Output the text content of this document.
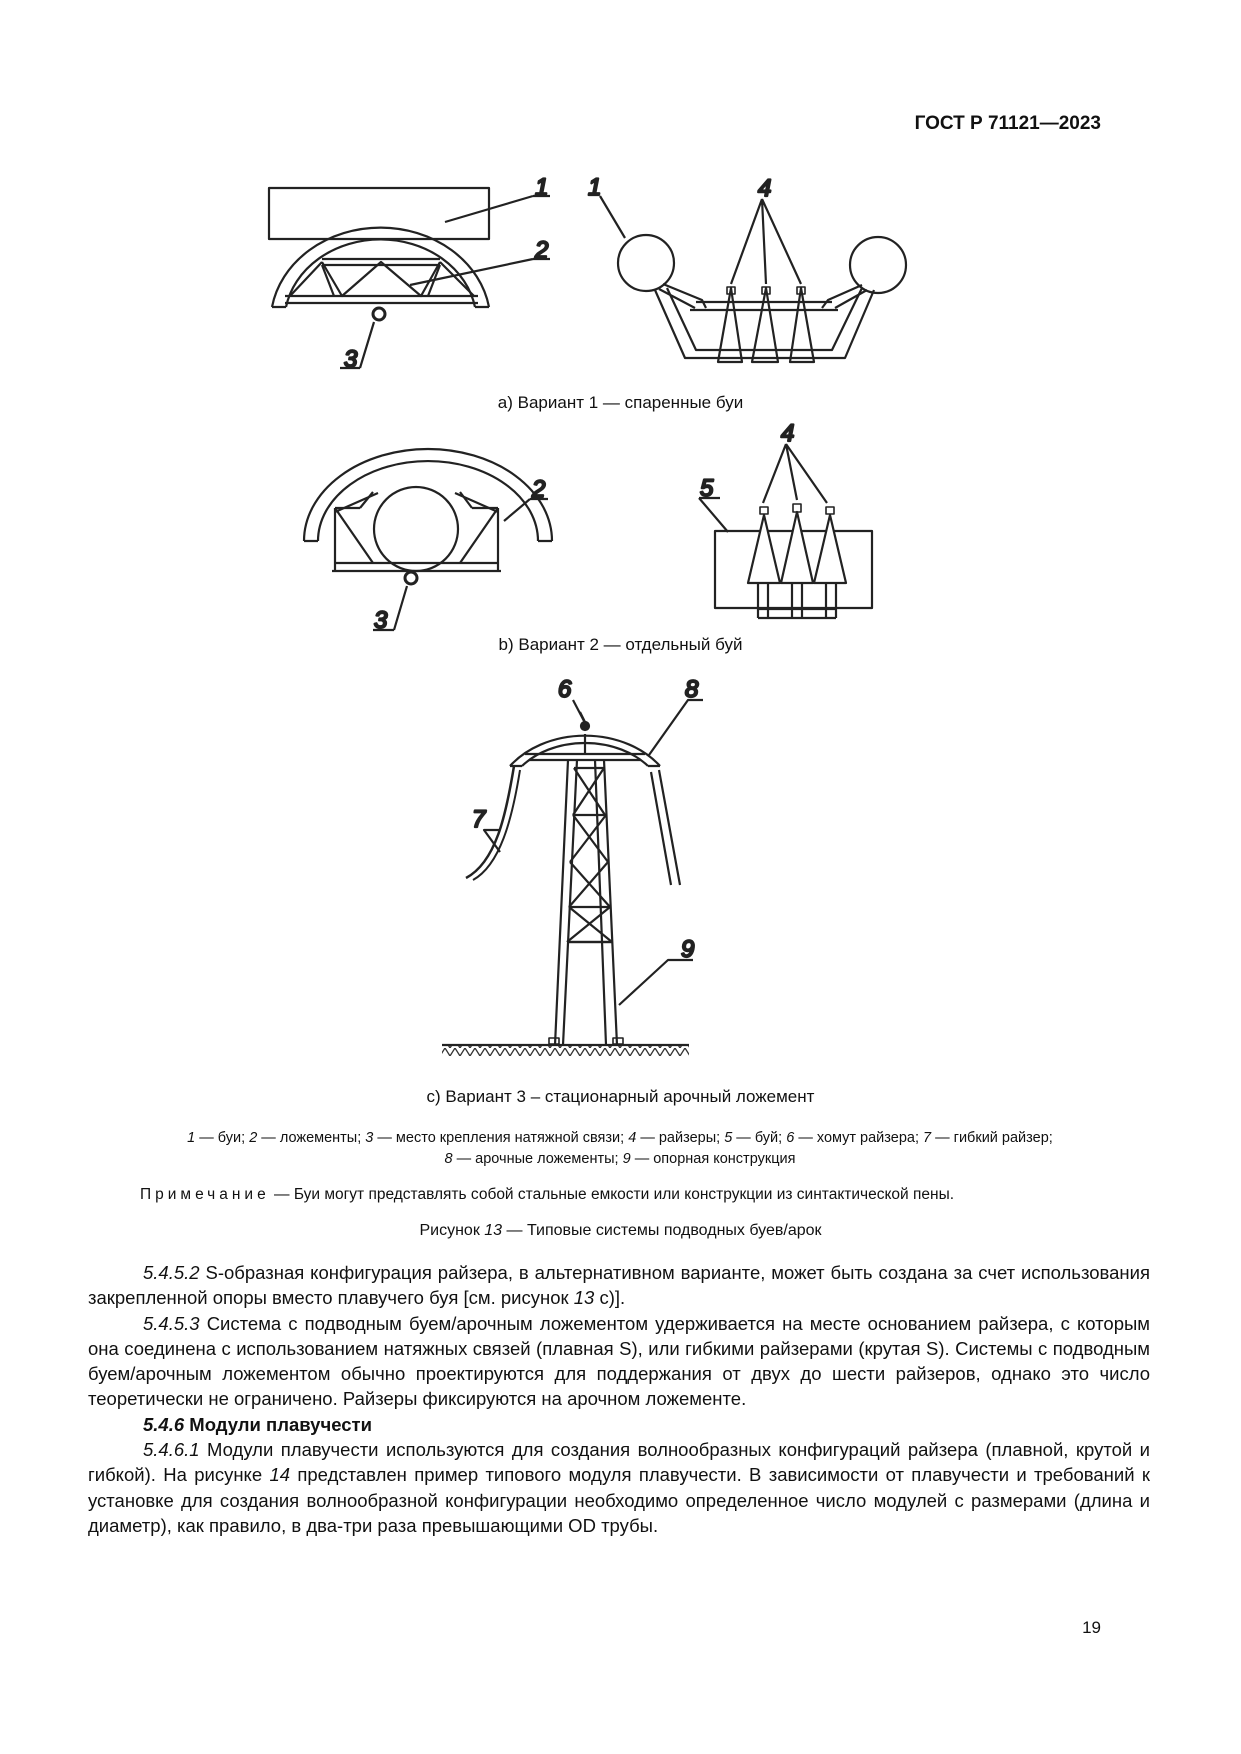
ГОСТ Р 71121—2023
1
2
3
1	4
2
3
4
5
6	8
7
9
a) Вариант 1 — спаренные буи
b) Вариант 2 — отдельный буй
c) Вариант 3 – стационарный арочный ложемент
1 — буи; 2 — ложементы; 3 — место крепления натяжной связи; 4 — райзеры; 5 — буй; 6 — хомут райзера; 7 — гибкий райзер;
8 — арочные ложементы; 9 — опорная конструкция
Примечание — Буи могут представлять собой стальные емкости или конструкции из синтактической пены.
Рисунок 13 — Типовые системы подводных буев/арок

5.4.5.2 S-образная конфигурация райзера, в альтернативном варианте, может быть создана за счет использования закрепленной опоры вместо плавучего буя [см. рисунок 13 c)].

5.4.5.3 Система с подводным буем/арочным ложементом удерживается на месте основанием райзера, с которым она соединена с использованием натяжных связей (плавная S), или гибкими райзерами (крутая S). Системы с подводным буем/арочным ложементом обычно проектируются для поддержания от двух до шести райзеров, однако это число теоретически не ограничено. Райзеры фиксируются на арочном ложементе.

5.4.6 Модули плавучести

5.4.6.1 Модули плавучести используются для создания волнообразных конфигураций райзера (плавной, крутой и гибкой). На рисунке 14 представлен пример типового модуля плавучести. В зависимости от плавучести и требований к установке для создания волнообразной конфигурации необходимо определенное число модулей с размерами (длина и диаметр), как правило, в два-три раза превышающими OD трубы.

19
